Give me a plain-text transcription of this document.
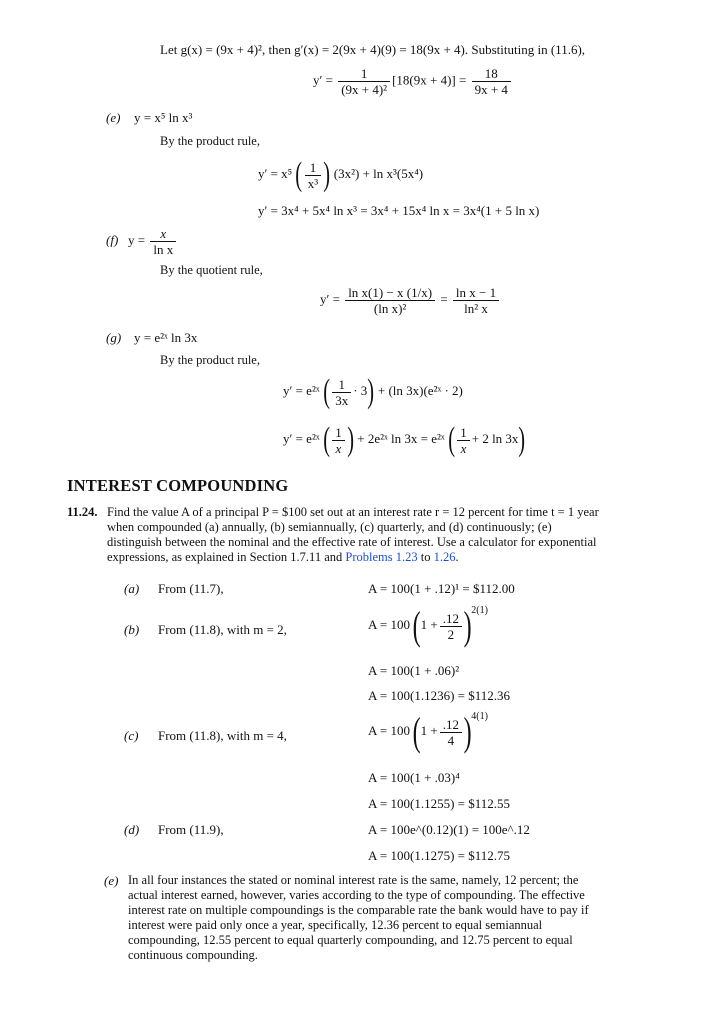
Let g(x) = (9x + 4)², then g′(x) = 2(9x + 4)(9) = 18(9x + 4). Substituting in (11.6),
$y' = \frac{1}{\text{(9x + 4)²}} [18(9x + 4)] = \frac{18}{9x + 4}$
(e) y = x⁵ ln x³
By the product rule,
y′ = x⁵ ( $\frac{1}{\text{x³}}$ ) (3x²) + ln x³(5x⁴)
y′ = 3x⁴ + 5x⁴ ln x³ = 3x⁴ + 15x⁴ ln x = 3x⁴(1 + 5 ln x)
(f) $y = \frac{x}{\text{ln x}}$
By the quotient rule,
$y' = \frac{\text{ln x(1) − x (1/x)}}{\text{(ln x)²}} = \frac{\text{ln x − 1}}{\text{ln² x}}$
(g) y = e²ˣ ln 3x
By the product rule,
y′ = e²ˣ ( $\frac{1}{3x} \cdot 3) + (\ln$ 3x)(e²ˣ · 2)
y′ = e²ˣ ( $\frac{1}{x}$ ) + 2e²ˣ ln 3x = e²ˣ ( $\frac{1}{x} + 2$ ln 3x)
INTEREST COMPOUNDING
11.24. Find the value A of a principal P = $100 set out at an interest rate r = 12 percent for time t = 1 year
when compounded (a) annually, (b) semiannually, (c) quarterly, and (d) continuously; (e)
distinguish between the nominal and the effective rate of interest. Use a calculator for exponential
expressions, as explained in Section 1.7.11 and Problems 1.23 to 1.26.
(a) From (11.7),	A = 100(1 + .12)¹ = $112.00
(b) From (11.8), with m = 2,	A = 100 $(1 + \frac{.12}{2} )^{2(1)}$
A = 100(1 + .06)²
A = 100(1.1236) = $112.36
(c) From (11.8), with m = 4,	A = 100 $(1 + \frac{.12}{4} )^{4(1)}$
A = 100(1 + .03)⁴
A = 100(1.1255) = $112.55
(d) From (11.9),	A = 100e^(0.12)(1) = 100e^.12
A = 100(1.1275) = $112.75
(e) In all four instances the stated or nominal interest rate is the same, namely, 12 percent; the
actual interest earned, however, varies according to the type of compounding. The effective
interest rate on multiple compoundings is the comparable rate the bank would have to pay if
interest were paid only once a year, specifically, 12.36 percent to equal semiannual
compounding, 12.55 percent to equal quarterly compounding, and 12.75 percent to equal
continuous compounding.
